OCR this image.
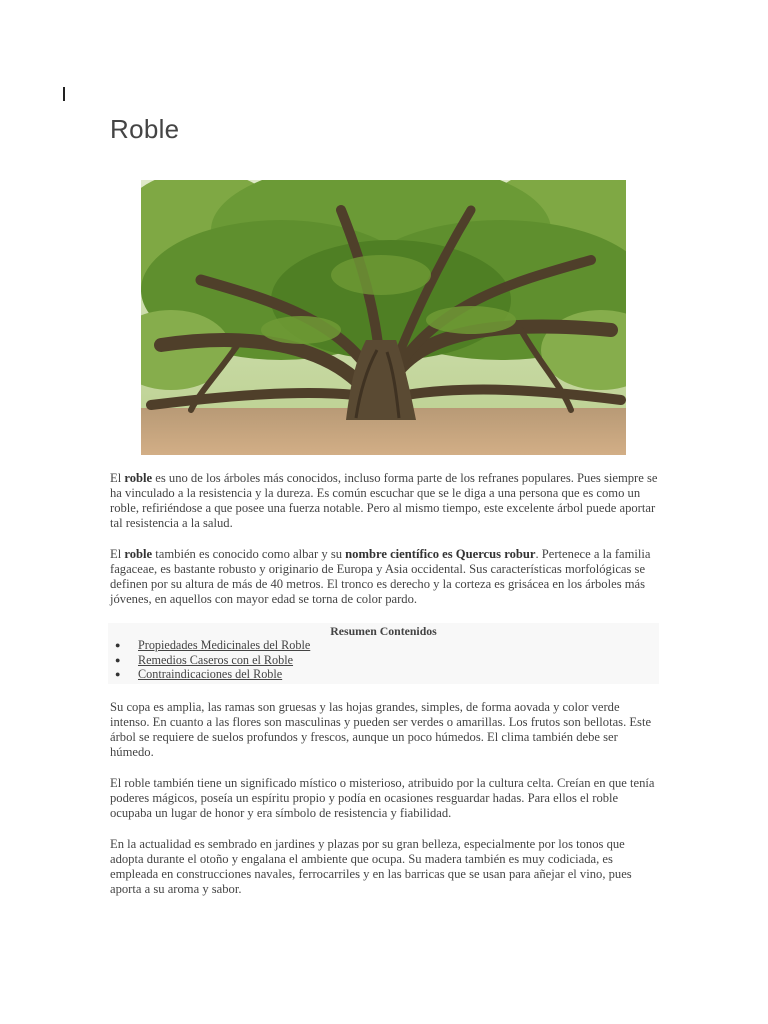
Roble

El roble es uno de los árboles más conocidos, incluso forma parte de los refranes populares. Pues siempre se ha vinculado a la resistencia y la dureza. Es común escuchar que se le diga a una persona que es como un roble, refiriéndose a que posee una fuerza notable. Pero al mismo tiempo, este excelente árbol puede aportar tal resistencia a la salud.

El roble también es conocido como albar y su nombre científico es Quercus robur. Pertenece a la familia fagaceae, es bastante robusto y originario de Europa y Asia occidental. Sus características morfológicas se definen por su altura de más de 40 metros. El tronco es derecho y la corteza es grisácea en los árboles más jóvenes, en aquellos con mayor edad se torna de color pardo.

Resumen Contenidos
● Propiedades Medicinales del Roble
● Remedios Caseros con el Roble
● Contraindicaciones del Roble

Su copa es amplia, las ramas son gruesas y las hojas grandes, simples, de forma aovada y color verde intenso. En cuanto a las flores son masculinas y pueden ser verdes o amarillas. Los frutos son bellotas. Este árbol se requiere de suelos profundos y frescos, aunque un poco húmedos. El clima también debe ser húmedo.

El roble también tiene un significado místico o misterioso, atribuido por la cultura celta. Creían en que tenía poderes mágicos, poseía un espíritu propio y podía en ocasiones resguardar hadas. Para ellos el roble ocupaba un lugar de honor y era símbolo de resistencia y fiabilidad.

En la actualidad es sembrado en jardines y plazas por su gran belleza, especialmente por los tonos que adopta durante el otoño y engalana el ambiente que ocupa. Su madera también es muy codiciada, es empleada en construcciones navales, ferrocarriles y en las barricas que se usan para añejar el vino, pues aporta a su aroma y sabor.
